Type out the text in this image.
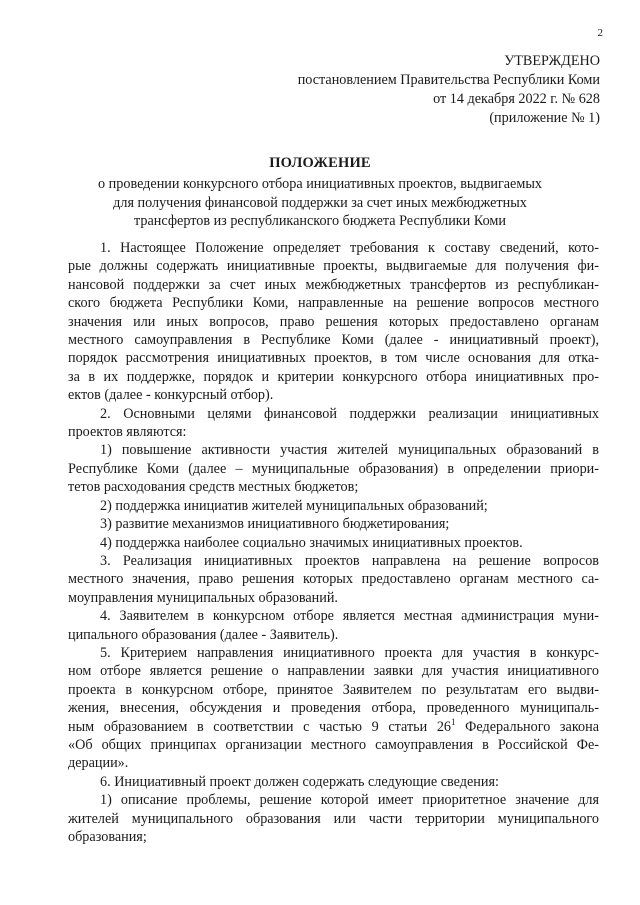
2
УТВЕРЖДЕНО
постановлением Правительства Республики Коми
от 14 декабря 2022 г. № 628
(приложение № 1)
ПОЛОЖЕНИЕ
о проведении конкурсного отбора инициативных проектов, выдвигаемых
для получения финансовой поддержки за счет иных межбюджетных
трансфертов из республиканского бюджета Республики Коми
1. Настоящее Положение определяет требования к составу сведений, кото-
рые должны содержать инициативные проекты, выдвигаемые для получения фи-
нансовой поддержки за счет иных межбюджетных трансфертов из республикан-
ского бюджета Республики Коми, направленные на решение вопросов местного
значения или иных вопросов, право решения которых предоставлено органам
местного самоуправления в Республике Коми (далее - инициативный проект),
порядок рассмотрения инициативных проектов, в том числе основания для отка-
за в их поддержке, порядок и критерии конкурсного отбора инициативных про-
ектов (далее - конкурсный отбор).
2. Основными целями финансовой поддержки реализации инициативных
проектов являются:
1) повышение активности участия жителей муниципальных образований в
Республике Коми (далее – муниципальные образования) в определении приори-
тетов расходования средств местных бюджетов;
2) поддержка инициатив жителей муниципальных образований;
3) развитие механизмов инициативного бюджетирования;
4) поддержка наиболее социально значимых инициативных проектов.
3. Реализация инициативных проектов направлена на решение вопросов
местного значения, право решения которых предоставлено органам местного са-
моуправления муниципальных образований.
4. Заявителем в конкурсном отборе является местная администрация муни-
ципального образования (далее - Заявитель).
5. Критерием направления инициативного проекта для участия в конкурс-
ном отборе является решение о направлении заявки для участия инициативного
проекта в конкурсном отборе, принятое Заявителем по результатам его выдви-
жения, внесения, обсуждения и проведения отбора, проведенного муниципаль-
ным образованием в соответствии с частью 9 статьи $26^1$ Федерального закона
«Об общих принципах организации местного самоуправления в Российской Фе-
дерации».
6. Инициативный проект должен содержать следующие сведения:
1) описание проблемы, решение которой имеет приоритетное значение для
жителей муниципального образования или части территории муниципального
образования;
